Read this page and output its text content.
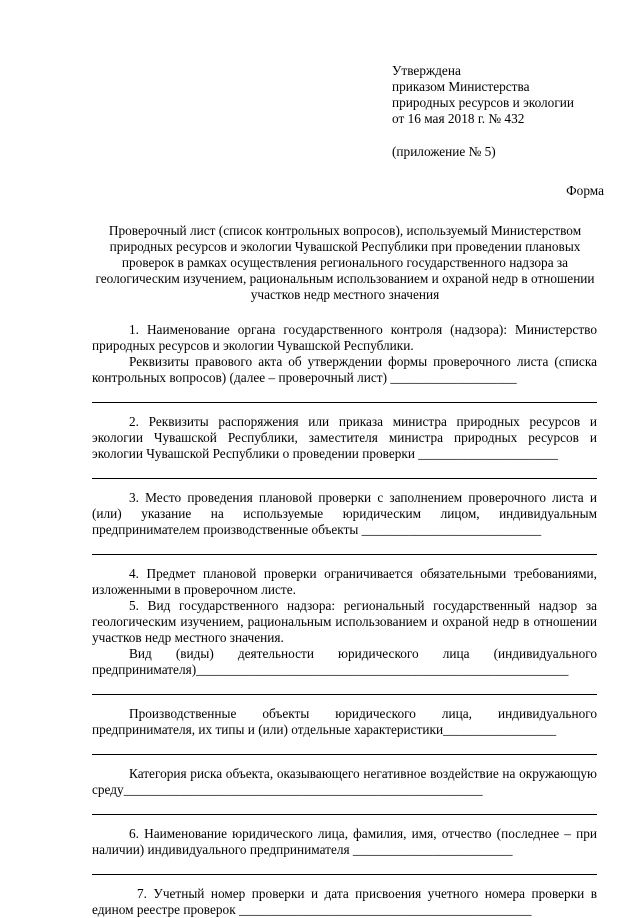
Утверждена
приказом Министерства
природных ресурсов и экологии
от 16 мая 2018 г. № 432
(приложение № 5)
Форма
Проверочный лист (список контрольных вопросов), используемый Министерством природных ресурсов и экологии Чувашской Республики при проведении плановых проверок в рамках осуществления регионального государственного надзора за геологическим изучением, рациональным использованием и охраной недр в отношении участков недр местного значения

1. Наименование органа государственного контроля (надзора): Министерство природных ресурсов и экологии Чувашской Республики.

Реквизиты правового акта об утверждении формы проверочного листа (списка контрольных вопросов) (далее – проверочный лист) ___________________

2. Реквизиты распоряжения или приказа министра природных ресурсов и экологии Чувашской Республики, заместителя министра природных ресурсов и экологии Чувашской Республики о проведении проверки _____________________

3. Место проведения плановой проверки с заполнением проверочного листа и (или) указание на используемые юридическим лицом, индивидуальным предпринимателем производственные объекты ___________________________

4. Предмет плановой проверки ограничивается обязательными требованиями, изложенными в проверочном листе.

5. Вид государственного надзора: региональный государственный надзор за геологическим изучением, рациональным использованием и охраной недр в отношении участков недр местного значения.

Вид (виды) деятельности юридического лица (индивидуального предпринимателя)________________________________________________________

Производственные объекты юридического лица, индивидуального предпринимателя, их типы и (или) отдельные характеристики_________________

Категория риска объекта, оказывающего негативное воздействие на окружающую среду______________________________________________________

6. Наименование юридического лица, фамилия, имя, отчество (последнее – при наличии) индивидуального предпринимателя ________________________

7. Учетный номер проверки и дата присвоения учетного номера проверки в едином реестре проверок ____________________________________________
